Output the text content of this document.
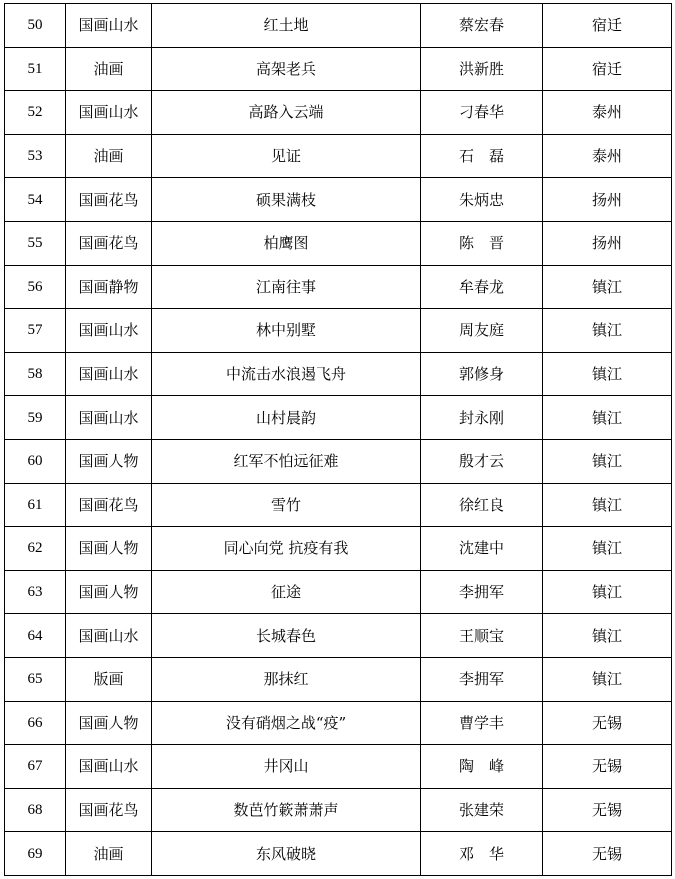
50	国画山水	红土地	蔡宏春	宿迁
51	油画	高架老兵	洪新胜	宿迁
52	国画山水	高路入云端	刁春华	泰州
53	油画	见证	石　磊	泰州
54	国画花鸟	硕果满枝	朱炳忠	扬州
55	国画花鸟	柏鹰图	陈　晋	扬州
56	国画静物	江南往事	牟春龙	镇江
57	国画山水	林中别墅	周友庭	镇江
58	国画山水	中流击水浪遏飞舟	郭修身	镇江
59	国画山水	山村晨韵	封永刚	镇江
60	国画人物	红军不怕远征难	殷才云	镇江
61	国画花鸟	雪竹	徐红良	镇江
62	国画人物	同心向党 抗疫有我	沈建中	镇江
63	国画人物	征途	李拥军	镇江
64	国画山水	长城春色	王顺宝	镇江
65	版画	那抹红	李拥军	镇江
66	国画人物	没有硝烟之战“疫”	曹学丰	无锡
67	国画山水	井冈山	陶　峰	无锡
68	国画花鸟	数芭竹簌萧萧声	张建荣	无锡
69	油画	东风破晓	邓　华	无锡
